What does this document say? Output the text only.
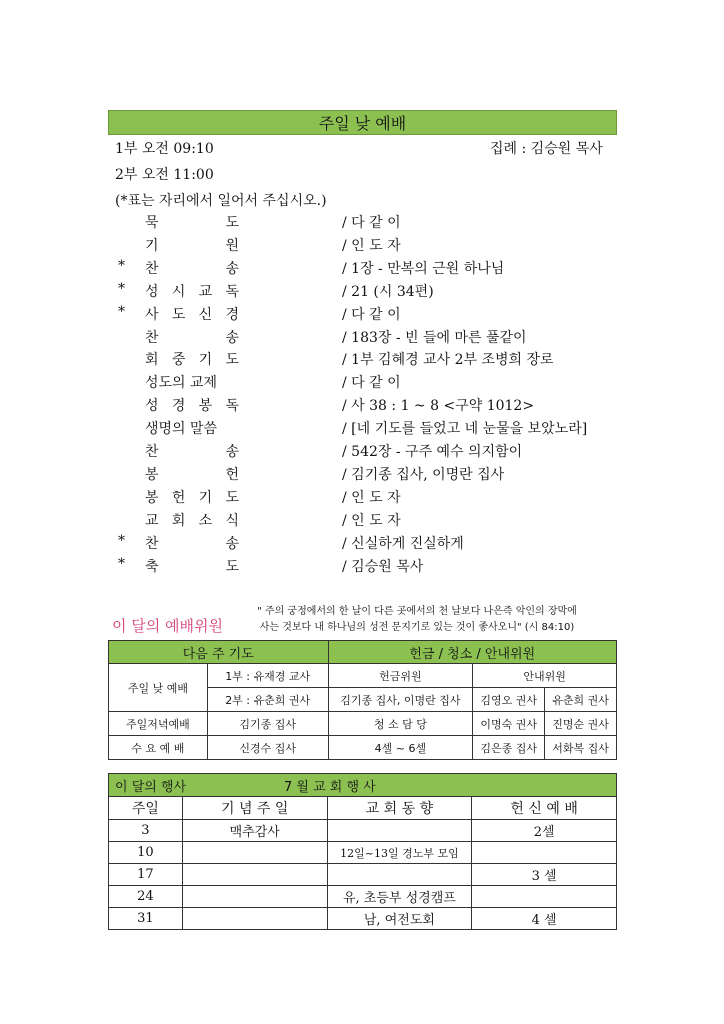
주일 낮 예배
1부 오전 09:10	집례 : 김승원 목사
2부 오전 11:00
(*표는 자리에서 일어서 주십시오.)
묵	도	/ 다 같 이
기	원	/ 인 도 자
* 찬	송	/ 1장 - 만복의 근원 하나님
* 성 시 교 독	/ 21 (시 34편)
* 사 도 신 경	/ 다 같 이
찬	송	/ 183장 - 빈 들에 마른 풀같이
회 중 기 도	/ 1부 김혜경 교사 2부 조병희 장로
성도의 교제	/ 다 같 이
성 경 봉 독	/ 사 38 : 1 ~ 8 <구약 1012>
생명의 말씀	/ [네 기도를 들었고 네 눈물을 보았노라]
찬	송	/ 542장 - 구주 예수 의지함이
봉	헌	/ 김기종 집사, 이명란 집사
봉 헌 기 도	/ 인 도 자
교 회 소 식	/ 인 도 자
* 찬	송	/ 신실하게 진실하게
* 축	도	/ 김승원 목사
이 달의 예배위원
" 주의 궁정에서의 한 날이 다른 곳에서의 천 날보다 나은즉 악인의 장막에
사는 것보다 내 하나님의 성전 문지기로 있는 것이 좋사오니" (시 84:10)
다음 주 기도		헌금 / 청소 / 안내위원		
주일 낮 예배	1부 : 유재경 교사	헌금위원	안내위원	
	2부 : 유춘희 권사	김기종 집사, 이명란 집사	김영오 권사	유춘희 권사
주일저녁예배	김기종 집사	청 소 담 당	이명숙 권사	진명순 권사
수 요 예 배	신경수 집사	4셀 ~ 6셀	김은종 집사	서화복 집사
이 달의 행사 7 월 교 회 행 사			
주일	기 념 주 일	교 회 동 향	헌 신 예 배
3	맥추감사		2셀
10		12일~13일 경노부 모임	
17			3 셀
24		유, 초등부 성경캠프	
31		남, 여전도회	4 셀
